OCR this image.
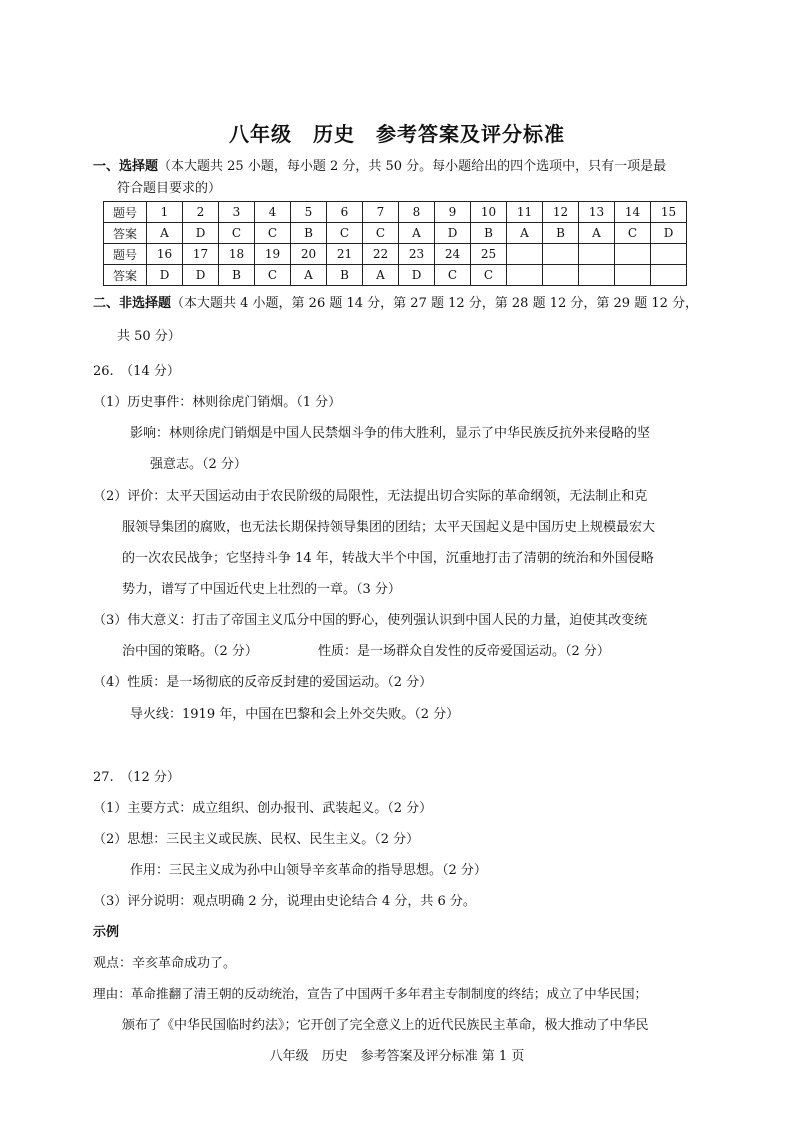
八年级　历史　参考答案及评分标准
一、选择题（本大题共 25 小题，每小题 2 分，共 50 分。每小题给出的四个选项中，只有一项是最
符合题目要求的）
题号	1	2	3	4	5	6	7	8	9	10	11	12	13	14	15
答案	A	D	C	C	B	C	C	A	D	B	A	B	A	C	D
题号	16	17	18	19	20	21	22	23	24	25					
答案	D	D	B	C	A	B	A	D	C	C					
二、非选择题（本大题共 4 小题，第 26 题 14 分，第 27 题 12 分，第 28 题 12 分，第 29 题 12 分，
共 50 分）
26.　（14 分）
（1）历史事件：林则徐虎门销烟。（1 分）
影响：林则徐虎门销烟是中国人民禁烟斗争的伟大胜利，显示了中华民族反抗外来侵略的坚
强意志。（2 分）
（2）评价：太平天国运动由于农民阶级的局限性，无法提出切合实际的革命纲领，无法制止和克
服领导集团的腐败，也无法长期保持领导集团的团结；太平天国起义是中国历史上规模最宏大
的一次农民战争；它坚持斗争 14 年，转战大半个中国，沉重地打击了清朝的统治和外国侵略
势力，谱写了中国近代史上壮烈的一章。（3 分）
（3）伟大意义：打击了帝国主义瓜分中国的野心，使列强认识到中国人民的力量，迫使其改变统
治中国的策略。（2 分）	性质：是一场群众自发性的反帝爱国运动。（2 分）
（4）性质：是一场彻底的反帝反封建的爱国运动。（2 分）
导火线：1919 年，中国在巴黎和会上外交失败。（2 分）
27.　（12 分）
（1）主要方式：成立组织、创办报刊、武装起义。（2 分）
（2）思想：三民主义或民族、民权、民生主义。（2 分）
作用：三民主义成为孙中山领导辛亥革命的指导思想。（2 分）
（3）评分说明：观点明确 2 分，说理由史论结合 4 分，共 6 分。
示例
观点：辛亥革命成功了。
理由：革命推翻了清王朝的反动统治，宣告了中国两千多年君主专制制度的终结；成立了中华民国；
颁布了《中华民国临时约法》；它开创了完全意义上的近代民族民主革命，极大推动了中华民
八年级　历史　参考答案及评分标准 第 1 页
